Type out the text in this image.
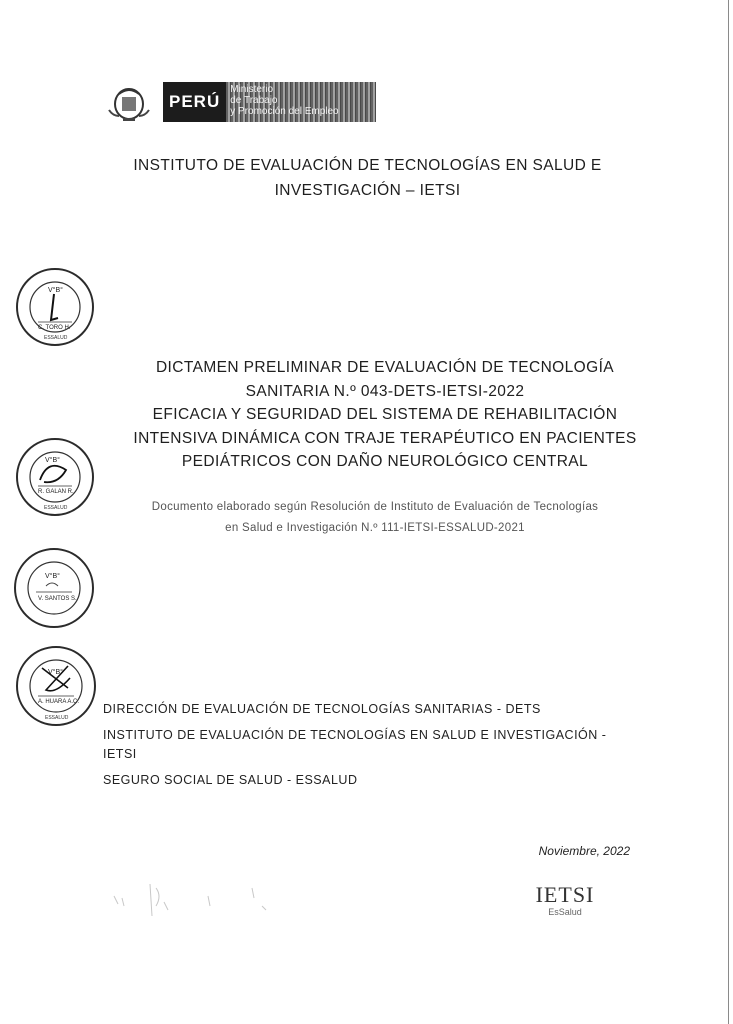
PERÚ
Ministerio
de Trabajo
y Promoción del Empleo
INSTITUTO DE EVALUACIÓN DE TECNOLOGÍAS EN SALUD E
INVESTIGACIÓN – IETSI
V°B°
C. TORO H.
ESSALUD
V°B°
R. GALAN R.
ESSALUD
V°B°
V. SANTOS S.
V°B°
A. HUARA A.C.
ESSALUD
DICTAMEN PRELIMINAR DE EVALUACIÓN DE TECNOLOGÍA
SANITARIA N.º 043-DETS-IETSI-2022
EFICACIA Y SEGURIDAD DEL SISTEMA DE REHABILITACIÓN
INTENSIVA DINÁMICA CON TRAJE TERAPÉUTICO EN PACIENTES
PEDIÁTRICOS CON DAÑO NEUROLÓGICO CENTRAL
Documento elaborado según Resolución de Instituto de Evaluación de Tecnologías
en Salud e Investigación N.º 111-IETSI-ESSALUD-2021

DIRECCIÓN DE EVALUACIÓN DE TECNOLOGÍAS SANITARIAS - DETS

INSTITUTO DE EVALUACIÓN DE TECNOLOGÍAS EN SALUD E INVESTIGACIÓN -

IETSI

SEGURO SOCIAL DE SALUD - ESSALUD

Noviembre, 2022
IETSI
EsSalud
